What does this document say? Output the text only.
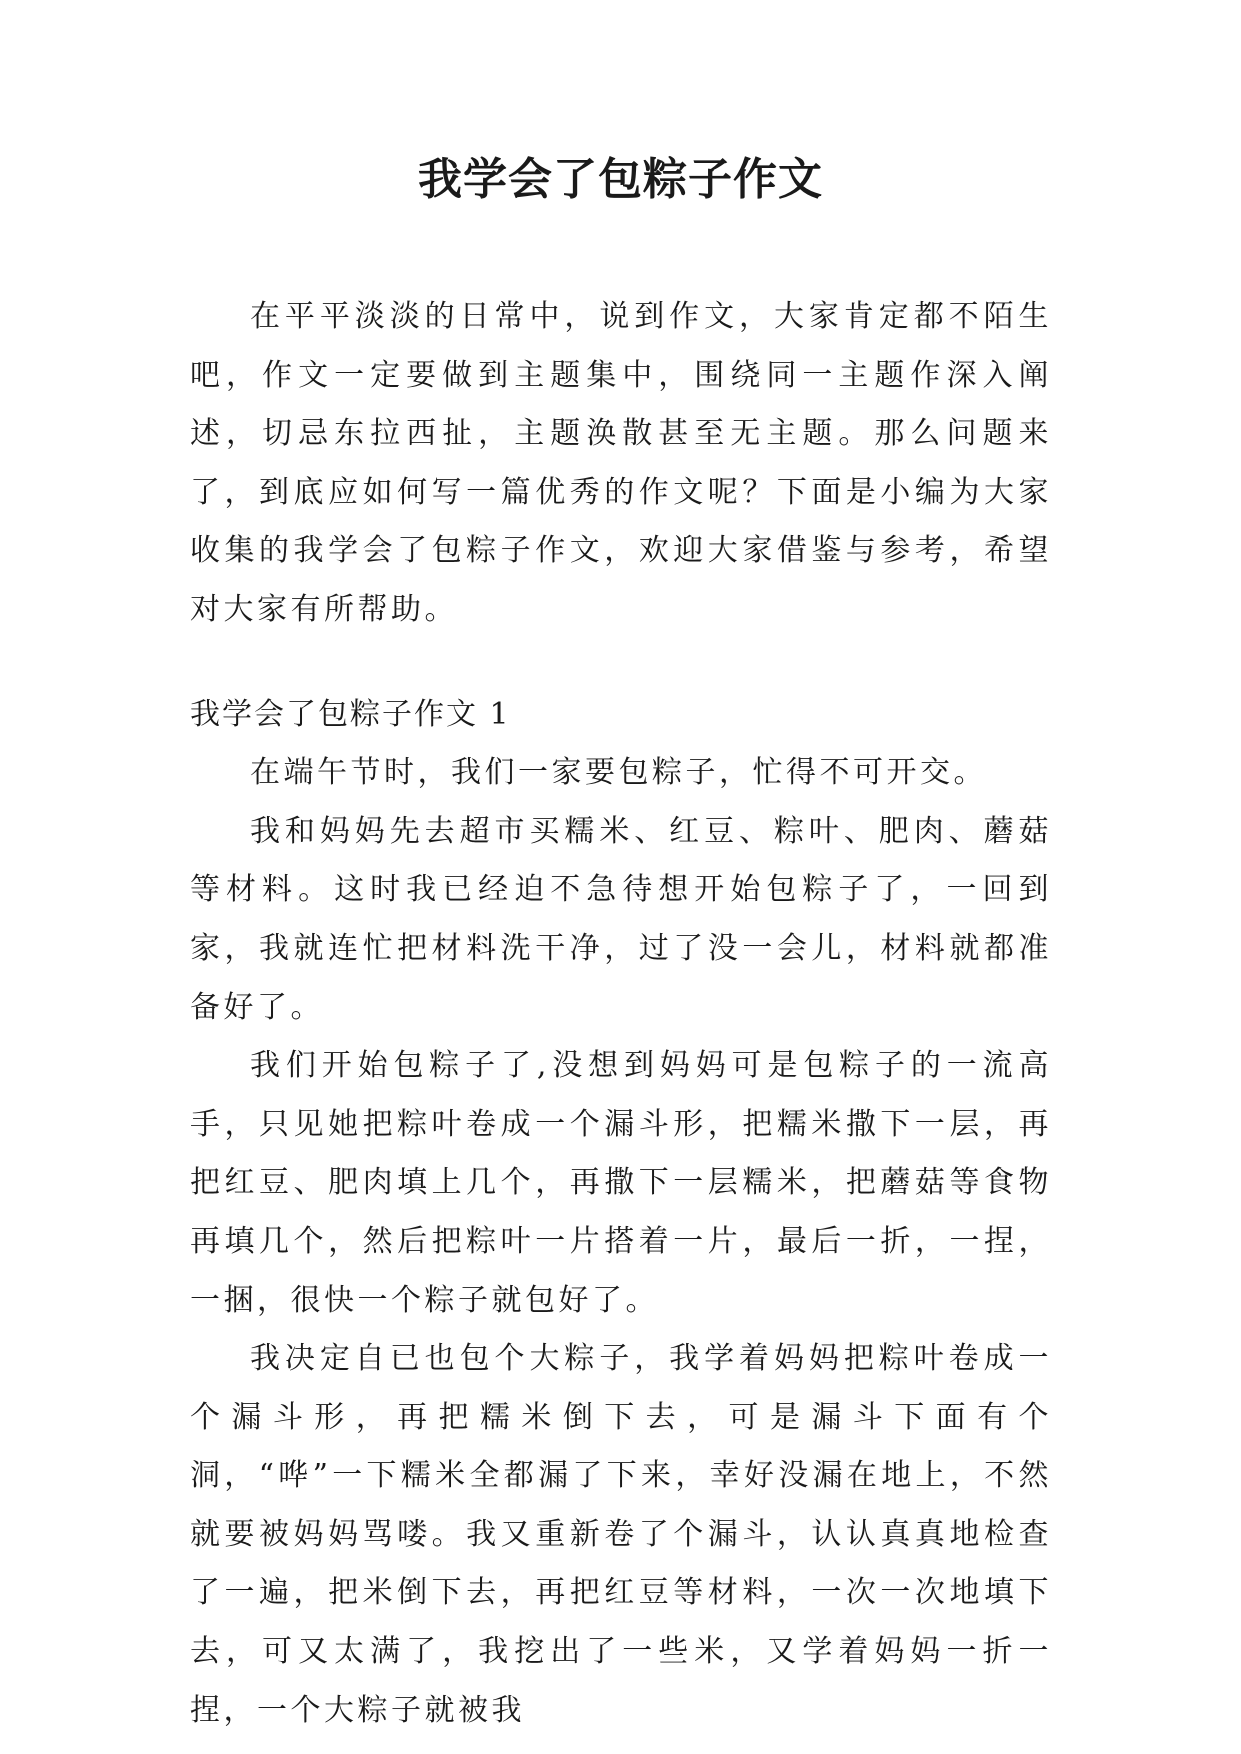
我学会了包粽子作文

在平平淡淡的日常中，说到作文，大家肯定都不陌生吧，作文一定要做到主题集中，围绕同一主题作深入阐述，切忌东拉西扯，主题涣散甚至无主题。那么问题来了，到底应如何写一篇优秀的作文呢？下面是小编为大家收集的我学会了包粽子作文，欢迎大家借鉴与参考，希望对大家有所帮助。

我学会了包粽子作文 1

在端午节时，我们一家要包粽子，忙得不可开交。

我和妈妈先去超市买糯米、红豆、粽叶、肥肉、蘑菇等材料。这时我已经迫不急待想开始包粽子了，一回到家，我就连忙把材料洗干净，过了没一会儿，材料就都准备好了。

我们开始包粽子了,没想到妈妈可是包粽子的一流高手，只见她把粽叶卷成一个漏斗形，把糯米撒下一层，再把红豆、肥肉填上几个，再撒下一层糯米，把蘑菇等食物再填几个，然后把粽叶一片搭着一片，最后一折，一捏，一捆，很快一个粽子就包好了。

我决定自已也包个大粽子，我学着妈妈把粽叶卷成一个漏斗形，再把糯米倒下去，可是漏斗下面有个洞，“哗”一下糯米全都漏了下来，幸好没漏在地上，不然就要被妈妈骂喽。我又重新卷了个漏斗，认认真真地检查了一遍，把米倒下去，再把红豆等材料，一次一次地填下去，可又太满了，我挖出了一些米，又学着妈妈一折一捏，一个大粽子就被我
